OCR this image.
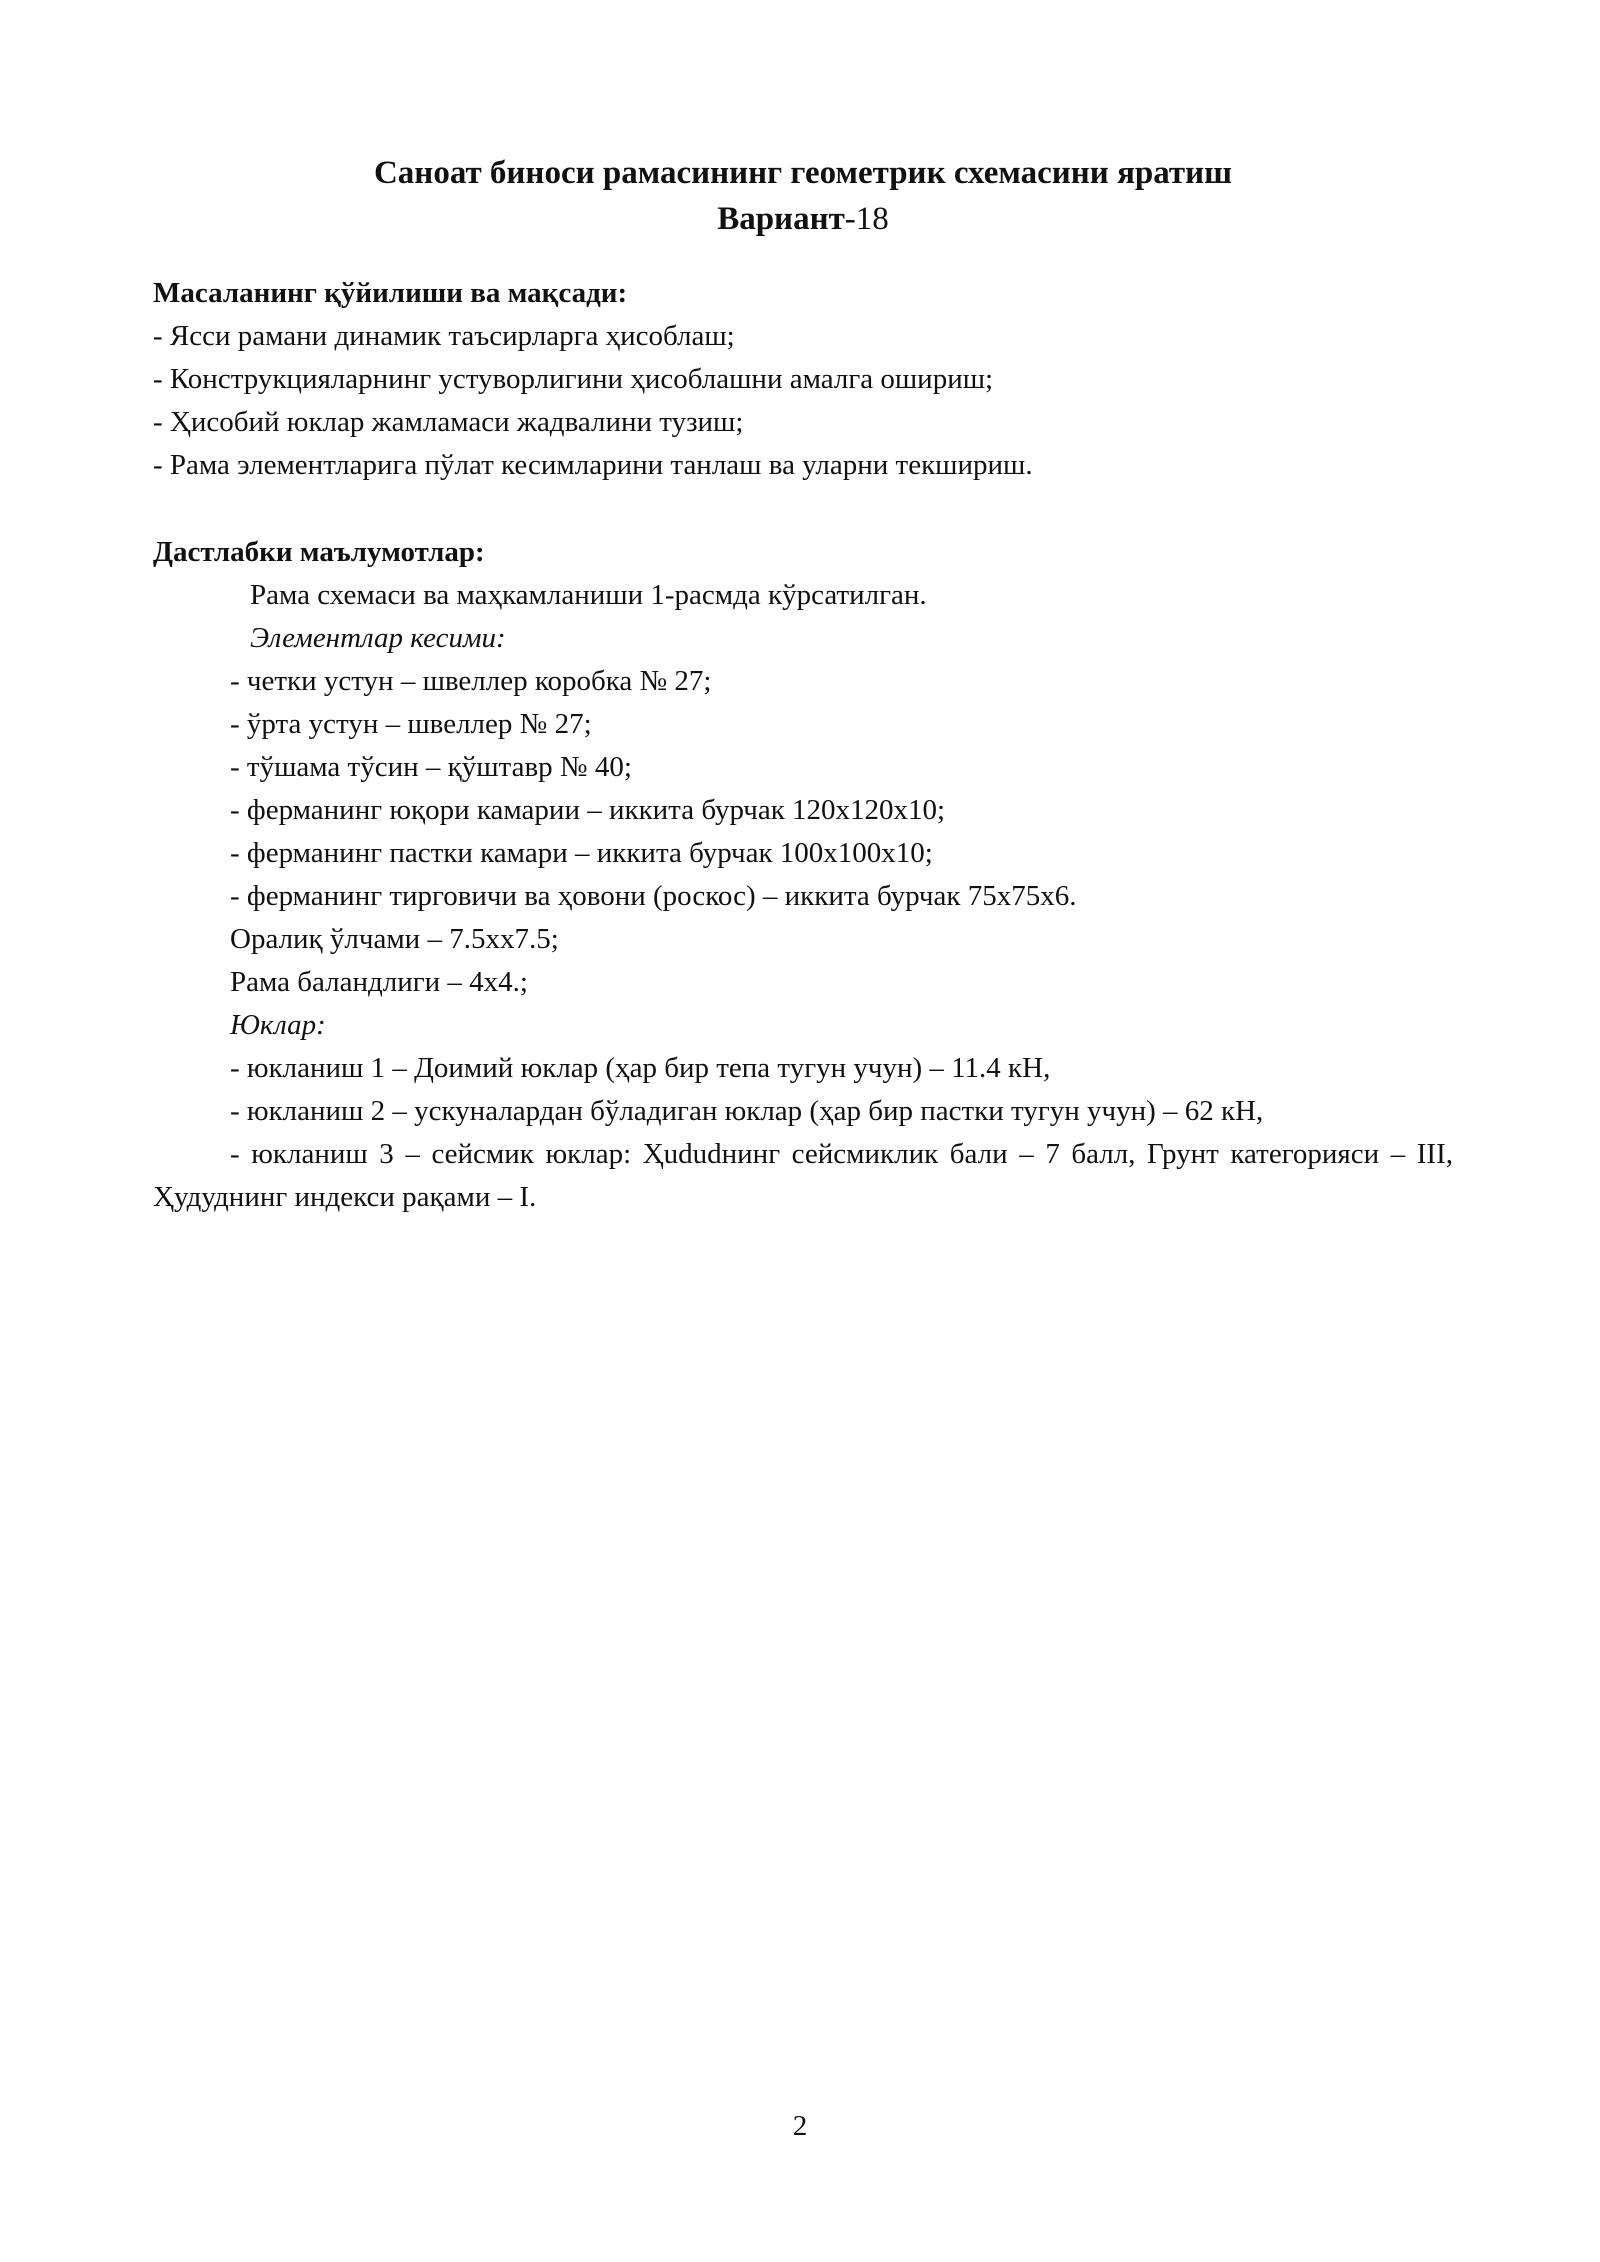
Саноат биноси рамасининг геометрик схемасини яратиш

Вариант-18

Масаланинг қўйилиши ва мақсади:

- Ясси рамани динамик таъсирларга ҳисоблаш;

- Конструкцияларнинг устуворлигини ҳисоблашни амалга ошириш;

- Ҳисобий юклар жамламаси жадвалини тузиш;

- Рама элементларига пўлат кесимларини танлаш ва уларни текшириш.

Дастлабки маълумотлар:

Рама схемаси ва маҳкамланиши 1-расмда кўрсатилган.

Элементлар кесими:

- четки устун – швеллер коробка № 27;

- ўрта устун – швеллер № 27;

- тўшама тўсин – қўштавр № 40;

- ферманинг юқори камарии – иккита бурчак 120х120х10;

- ферманинг пастки камари – иккита бурчак 100х100х10;

- ферманинг тирговичи ва ҳовони (роскос) – иккита бурчак 75х75х6.

Оралиқ ўлчами – 7.5хх7.5;

Рама баландлиги – 4х4.;

Юклар:

- юкланиш 1 – Доимий юклар (ҳар бир тепа тугун учун) – 11.4 кН,

- юкланиш 2 – ускуналардан бўладиган юклар (ҳар бир пастки тугун учун) – 62 кН,

- юкланиш 3 – сейсмик юклар: Ҳududнинг сейсмиклик бали – 7 балл, Грунт категорияси – III, Ҳудуднинг индекси рақами – I.

2
